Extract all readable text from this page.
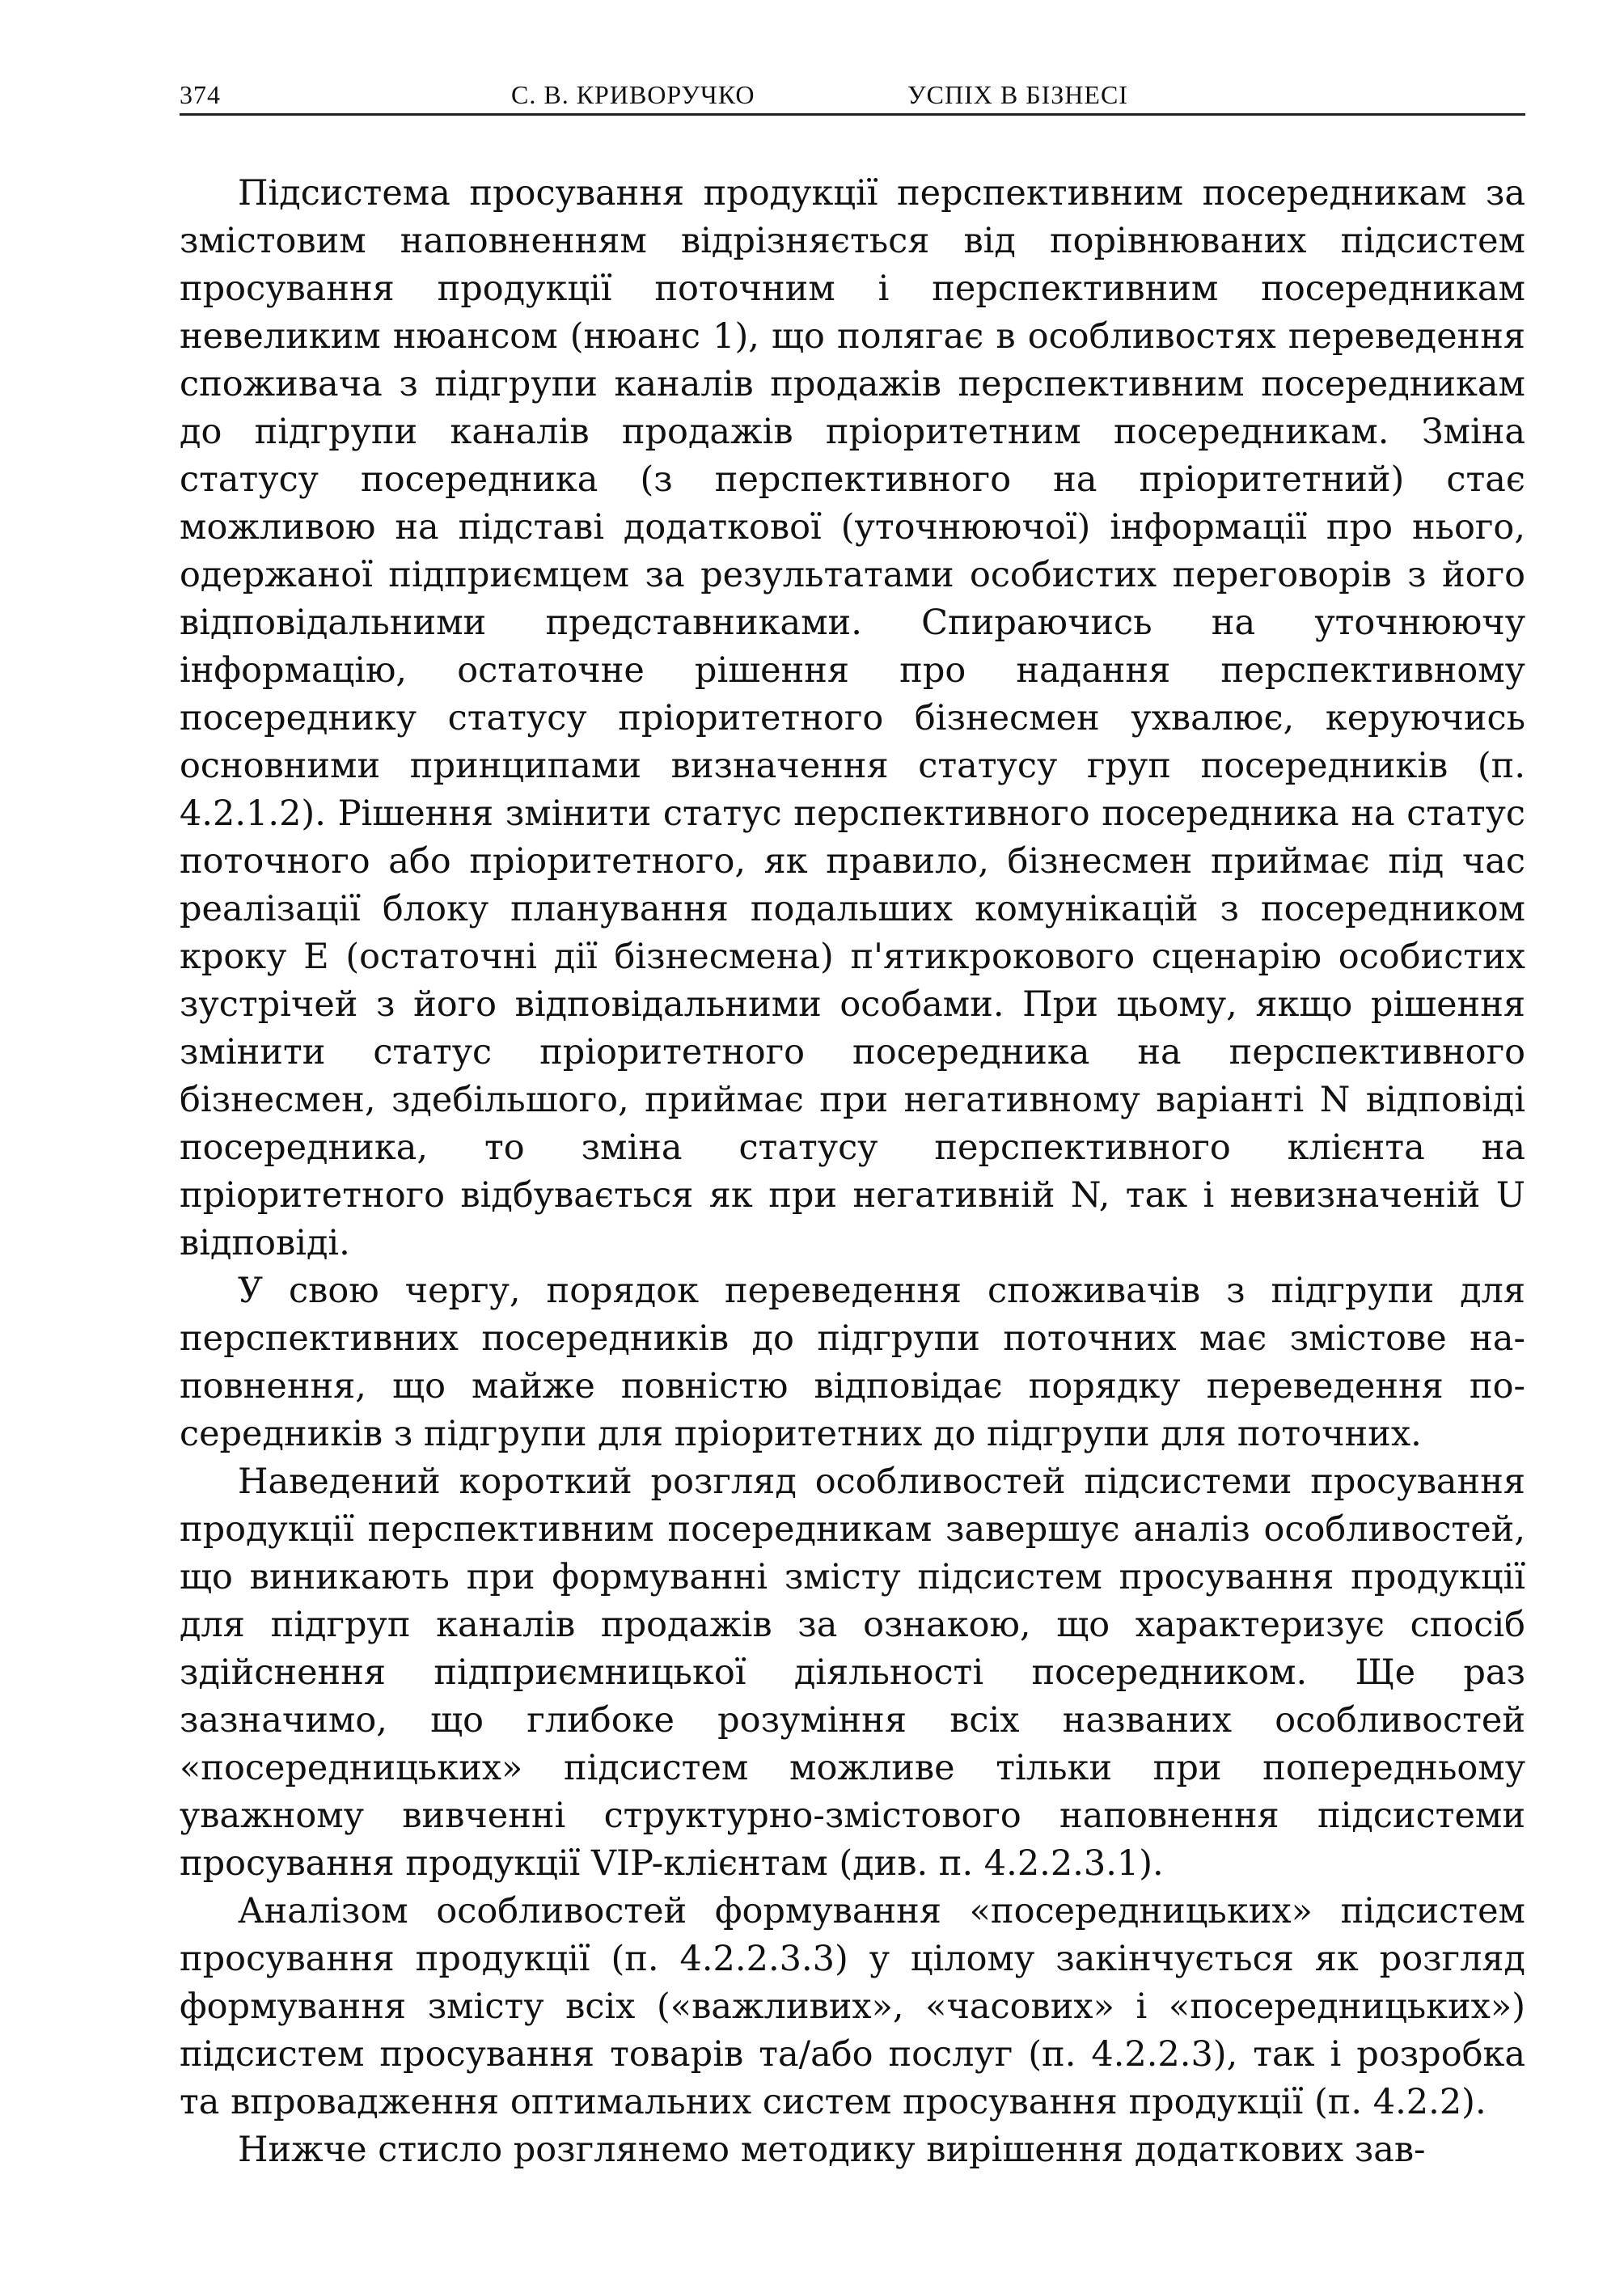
374	С. В. КРИВОРУЧКО	УСПІХ В БІЗНЕСІ

Підсистема просування продукції перспективним посередникам за змістовим наповненням відрізняється від порівнюваних підсистем просування продукції поточним і перспективним посередникам невеликим нюансом (нюанс 1), що полягає в особливостях переведення споживача з підгрупи каналів продажів перспективним посередникам до підгрупи каналів продажів пріоритетним посередникам. Зміна статусу посередника (з перспективного на пріоритетний) стає можливою на підставі додаткової (уточнюючої) інформації про нього, одержаної підприємцем за результатами особистих переговорів з його відповідальними представниками. Спираючись на уточнюючу інформацію, остаточне рішення про надання перспективному посереднику статусу пріоритетного бізнесмен ухвалює, керуючись основними принципами визначення статусу груп посередників (п. 4.2.1.2). Рішення змінити статус перспективного посередника на статус поточного або пріоритетного, як правило, бізнесмен приймає під час реалізації блоку планування подальших комунікацій з посередником кроку Е (остаточні дії бізнесмена) п'ятикрокового сценарію особистих зустрічей з його відповідальними особами. При цьому, якщо рішення змінити статус пріоритетного посередника на перспективного бізнесмен, здебільшого, приймає при негативному варіанті N відповіді посередника, то зміна статусу перспективного клієнта на пріоритетного відбувається як при негативній N, так і невизначеній U відповіді.

У свою чергу, порядок переведення споживачів з підгрупи для перспективних посередників до підгрупи поточних має змістове наповнення, що майже повністю відповідає порядку переведення посередників з підгрупи для пріоритетних до підгрупи для поточних.

Наведений короткий розгляд особливостей підсистеми просування продукції перспективним посередникам завершує аналіз особливостей, що виникають при формуванні змісту підсистем просування продукції для підгруп каналів продажів за ознакою, що характеризує спосіб здійснення підприємницької діяльності посередником. Ще раз зазначимо, що глибоке розуміння всіх названих особливостей «посередницьких» підсистем можливе тільки при попередньому уважному вивченні структурно-змістового наповнення підсистеми просування продукції VIP-клієнтам (див. п. 4.2.2.3.1).

Аналізом особливостей формування «посередницьких» підсистем просування продукції (п. 4.2.2.3.3) у цілому закінчується як розгляд формування змісту всіх («важливих», «часових» і «посередницьких») підсистем просування товарів та/або послуг (п. 4.2.2.3), так і розробка та впровадження оптимальних систем просування продукції (п. 4.2.2).

Нижче стисло розглянемо методику вирішення додаткових зав-
